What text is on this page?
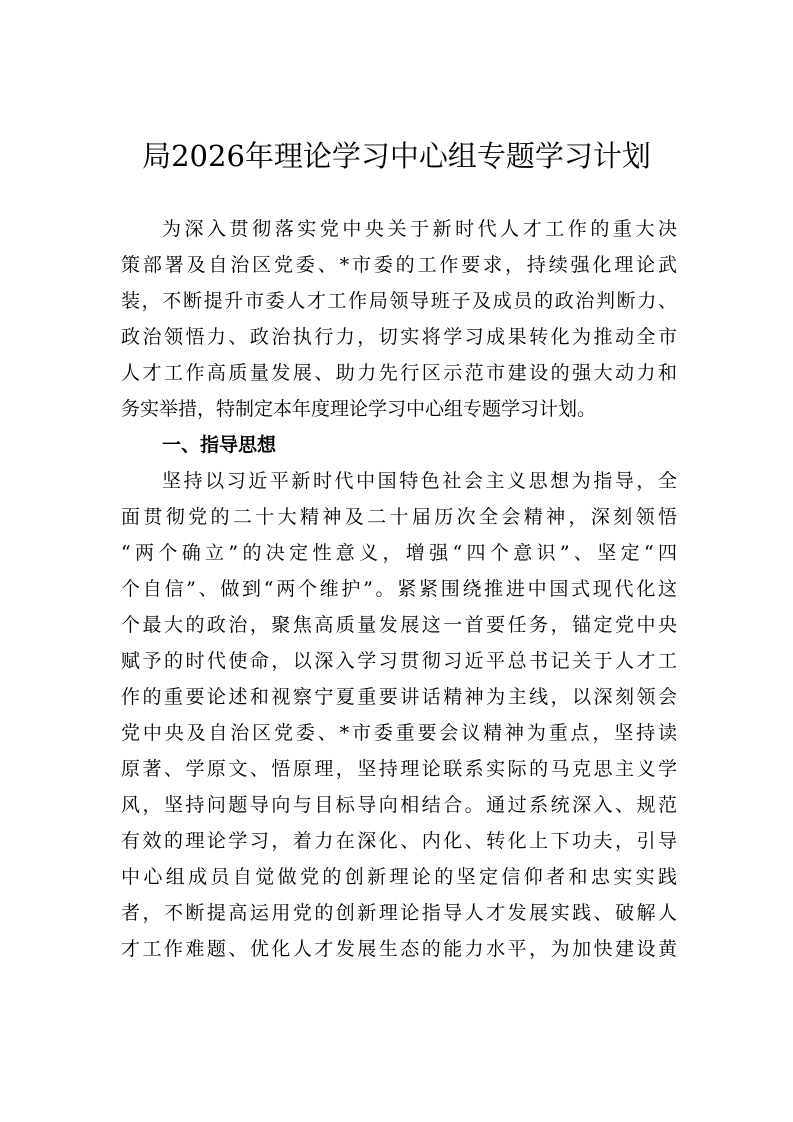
局2026年理论学习中心组专题学习计划
为深入贯彻落实党中央关于新时代人才工作的重大决
策部署及自治区党委、*市委的工作要求，持续强化理论武
装，不断提升市委人才工作局领导班子及成员的政治判断力、
政治领悟力、政治执行力，切实将学习成果转化为推动全市
人才工作高质量发展、助力先行区示范市建设的强大动力和
务实举措，特制定本年度理论学习中心组专题学习计划。
一、指导思想
坚持以习近平新时代中国特色社会主义思想为指导，全
面贯彻党的二十大精神及二十届历次全会精神，深刻领悟
“两个确立”的决定性意义，增强“四个意识”、坚定“四
个自信”、做到“两个维护”。紧紧围绕推进中国式现代化这
个最大的政治，聚焦高质量发展这一首要任务，锚定党中央
赋予的时代使命，以深入学习贯彻习近平总书记关于人才工
作的重要论述和视察宁夏重要讲话精神为主线，以深刻领会
党中央及自治区党委、*市委重要会议精神为重点，坚持读
原著、学原文、悟原理，坚持理论联系实际的马克思主义学
风，坚持问题导向与目标导向相结合。通过系统深入、规范
有效的理论学习，着力在深化、内化、转化上下功夫，引导
中心组成员自觉做党的创新理论的坚定信仰者和忠实实践
者，不断提高运用党的创新理论指导人才发展实践、破解人
才工作难题、优化人才发展生态的能力水平，为加快建设黄
